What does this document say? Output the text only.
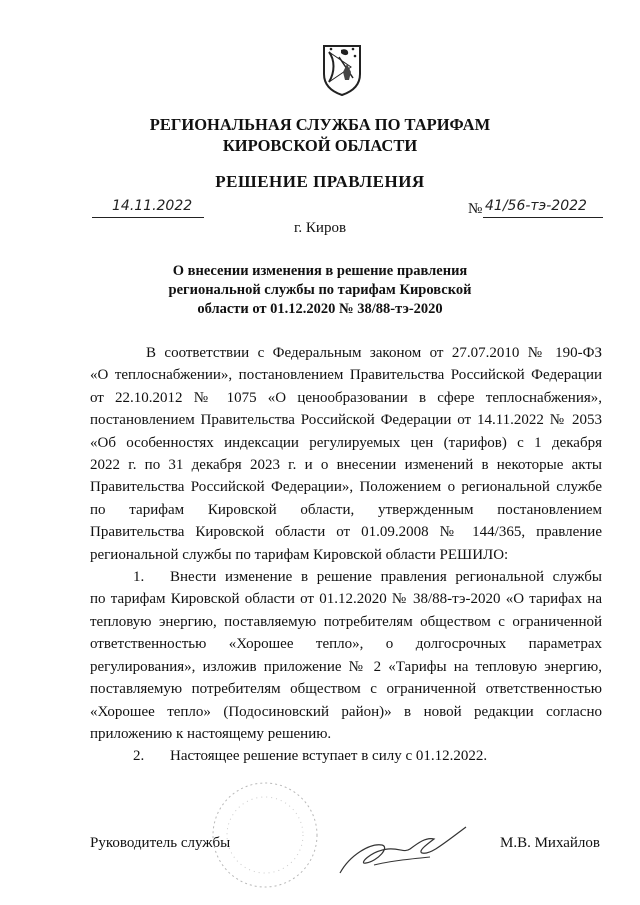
РЕГИОНАЛЬНАЯ СЛУЖБА ПО ТАРИФАМ
КИРОВСКОЙ ОБЛАСТИ
РЕШЕНИЕ ПРАВЛЕНИЯ
14.11.2022	№ 41/56-тэ-2022
г. Киров
О внесении изменения в решение правления
региональной службы по тарифам Кировской
области от 01.12.2020 № 38/88-тэ-2020

В соответствии с Федеральным законом от 27.07.2010 № 190-ФЗ

«О теплоснабжении», постановлением Правительства Российской Федерации

от 22.10.2012 № 1075 «О ценообразовании в сфере теплоснабжения»,

постановлением Правительства Российской Федерации от 14.11.2022 № 2053

«Об особенностях индексации регулируемых цен (тарифов) с 1 декабря

2022 г. по 31 декабря 2023 г. и о внесении изменений в некоторые акты

Правительства Российской Федерации», Положением о региональной службе

по тарифам Кировской области, утвержденным постановлением

Правительства Кировской области от 01.09.2008 № 144/365, правление

региональной службы по тарифам Кировской области РЕШИЛО:

1.	Внести изменение в решение правления региональной службы

по тарифам Кировской области от 01.12.2020 № 38/88-тэ-2020 «О тарифах на

тепловую энергию, поставляемую потребителям обществом с ограниченной

ответственностью «Хорошее тепло», о долгосрочных параметрах

регулирования», изложив приложение № 2 «Тарифы на тепловую энергию,

поставляемую потребителям обществом с ограниченной ответственностью

«Хорошее тепло» (Подосиновский район)» в новой редакции согласно

приложению к настоящему решению.

2.	Настоящее решение вступает в силу с 01.12.2022.

Руководитель службы	М.В. Михайлов
